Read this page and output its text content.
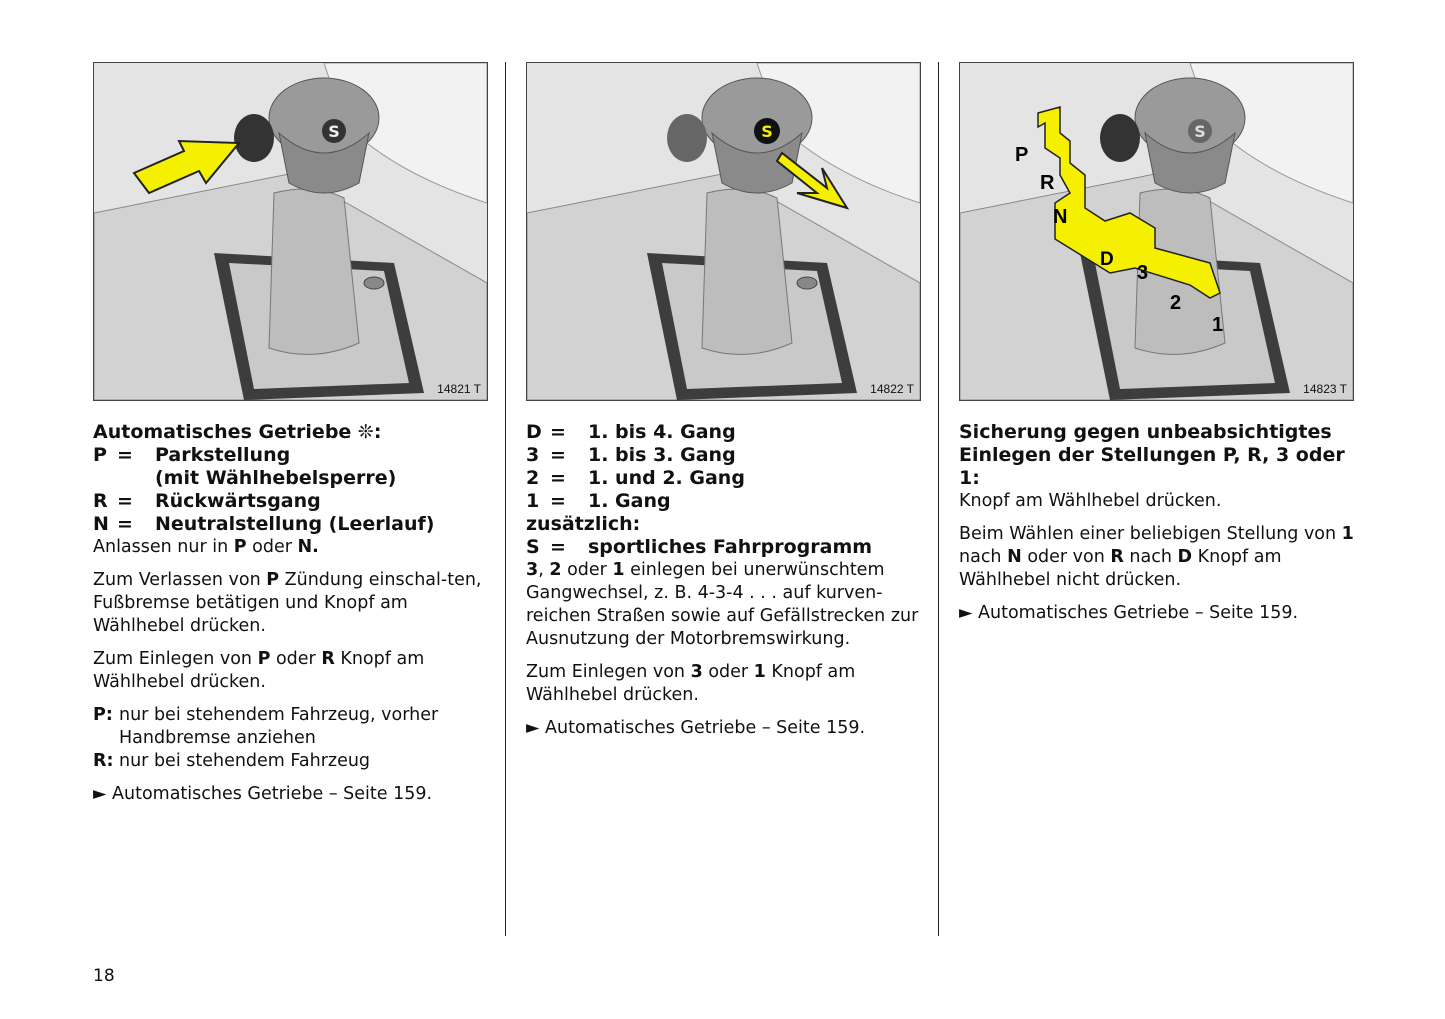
S
14821 T
Automatisches Getriebe ❊:
P =	Parkstellung
(mit Wählhebelsperre)
R =	Rückwärtsgang
N =	Neutralstellung (Leerlauf)

Anlassen nur in P oder N.

Zum Verlassen von P Zündung einschal-ten, Fußbremse betätigen und Knopf am Wählhebel drücken.

Zum Einlegen von P oder R Knopf am Wählhebel drücken.

P: nur bei stehendem Fahrzeug, vorher Handbremse anziehen
R: nur bei stehendem Fahrzeug

► Automatisches Getriebe – Seite 159.

S
14822 T
D =	1. bis 4. Gang
3 =	1. bis 3. Gang
2 =	1. und 2. Gang
1 =	1. Gang
zusätzlich:
S =	sportliches Fahrprogramm

3, 2 oder 1 einlegen bei unerwünschtem Gangwechsel, z. B. 4-3-4 . . . auf kurven-reichen Straßen sowie auf Gefällstrecken zur Ausnutzung der Motorbremswirkung.

Zum Einlegen von 3 oder 1 Knopf am Wählhebel drücken.

► Automatisches Getriebe – Seite 159.

S
P
R
N
D
3
2
1
14823 T
Sicherung gegen unbeabsichtigtes Einlegen der Stellungen P, R, 3 oder 1:

Knopf am Wählhebel drücken.

Beim Wählen einer beliebigen Stellung von 1 nach N oder von R nach D Knopf am Wählhebel nicht drücken.

► Automatisches Getriebe – Seite 159.

18
